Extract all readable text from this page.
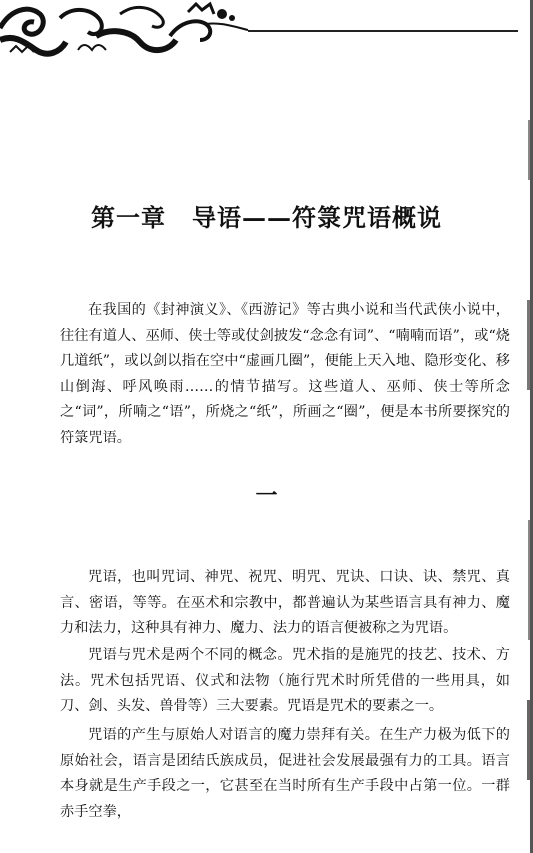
第一章 导语——符箓咒语概说

在我国的《封神演义》、《西游记》等古典小说和当代武侠小说中，往往有道人、巫师、侠士等或仗剑披发“念念有词”、“喃喃而语”，或“烧几道纸”，或以剑以指在空中“虚画几圈”，便能上天入地、隐形变化、移山倒海、呼风唤雨……的情节描写。这些道人、巫师、侠士等所念之“词”，所喃之“语”，所烧之“纸”，所画之“圈”，便是本书所要探究的符箓咒语。

一

咒语，也叫咒词、神咒、祝咒、明咒、咒诀、口诀、诀、禁咒、真言、密语，等等。在巫术和宗教中，都普遍认为某些语言具有神力、魔力和法力，这种具有神力、魔力、法力的语言便被称之为咒语。

咒语与咒术是两个不同的概念。咒术指的是施咒的技艺、技术、方法。咒术包括咒语、仪式和法物（施行咒术时所凭借的一些用具，如刀、剑、头发、兽骨等）三大要素。咒语是咒术的要素之一。

咒语的产生与原始人对语言的魔力崇拜有关。在生产力极为低下的原始社会，语言是团结氏族成员，促进社会发展最强有力的工具。语言本身就是生产手段之一，它甚至在当时所有生产手段中占第一位。一群赤手空拳，
